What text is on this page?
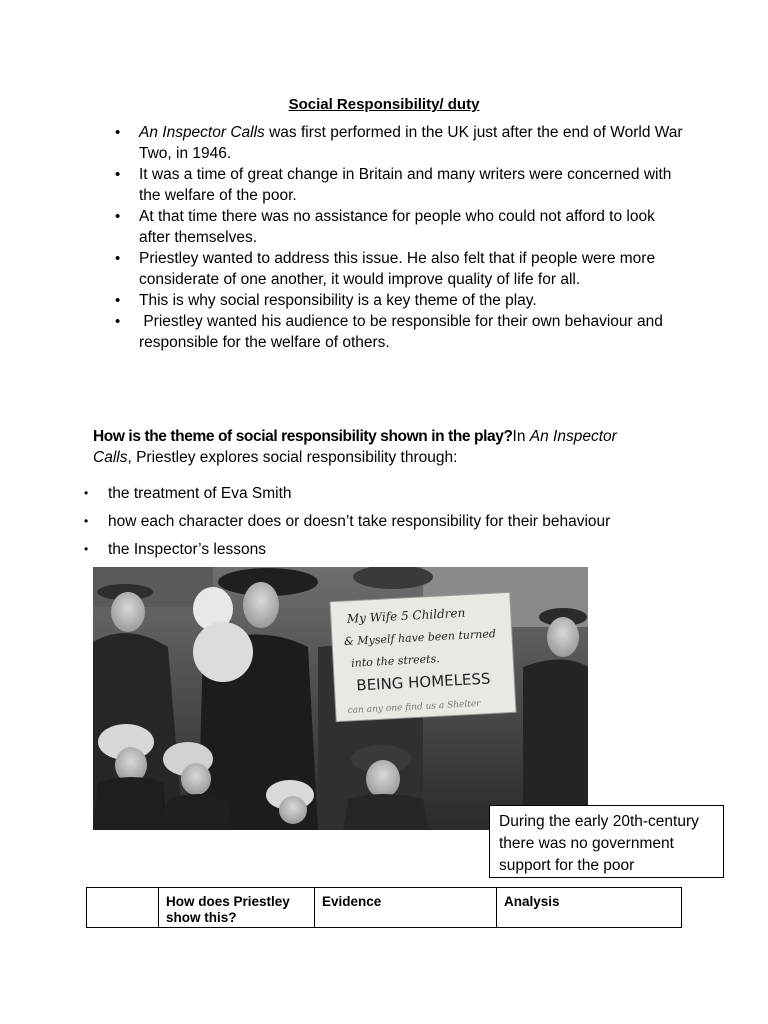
Social Responsibility/ duty
• An Inspector Calls was first performed in the UK just after the end of World War Two, in 1946.
• It was a time of great change in Britain and many writers were concerned with the welfare of the poor.
• At that time there was no assistance for people who could not afford to look after themselves.
• Priestley wanted to address this issue. He also felt that if people were more considerate of one another, it would improve quality of life for all.
• This is why social responsibility is a key theme of the play.
•  Priestley wanted his audience to be responsible for their own behaviour and responsible for the welfare of others.
How is the theme of social responsibility shown in the play?In An Inspector Calls, Priestley explores social responsibility through:
• the treatment of Eva Smith
• how each character does or doesn’t take responsibility for their behaviour
• the Inspector’s lessons
My Wife 5 Children
& Myself have been turned
into the streets.
BEING HOMELESS
can any one find us a Shelter
During the early 20th-century there was no government support for the poor
	How does Priestley show this?	Evidence	Analysis
